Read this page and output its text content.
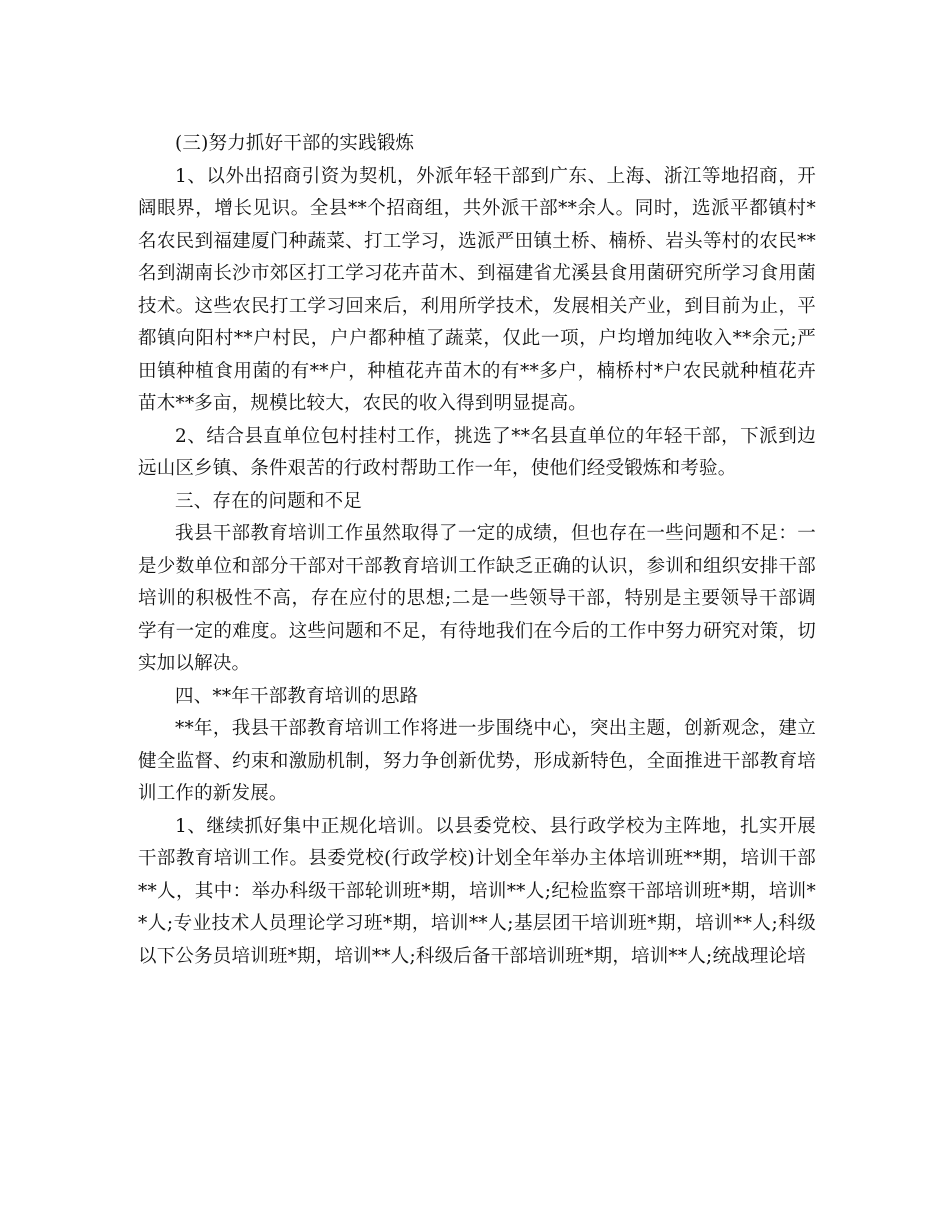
(三)努力抓好干部的实践锻炼

1、以外出招商引资为契机，外派年轻干部到广东、上海、浙江等地招商，开阔眼界，增长见识。全县**个招商组，共外派干部**余人。同时，选派平都镇村*名农民到福建厦门种蔬菜、打工学习，选派严田镇土桥、楠桥、岩头等村的农民**名到湖南长沙市郊区打工学习花卉苗木、到福建省尤溪县食用菌研究所学习食用菌技术。这些农民打工学习回来后，利用所学技术，发展相关产业，到目前为止，平都镇向阳村**户村民，户户都种植了蔬菜，仅此一项，户均增加纯收入**余元;严田镇种植食用菌的有**户，种植花卉苗木的有**多户，楠桥村*户农民就种植花卉苗木**多亩，规模比较大，农民的收入得到明显提高。

2、结合县直单位包村挂村工作，挑选了**名县直单位的年轻干部，下派到边远山区乡镇、条件艰苦的行政村帮助工作一年，使他们经受锻炼和考验。

三、存在的问题和不足

我县干部教育培训工作虽然取得了一定的成绩，但也存在一些问题和不足：一是少数单位和部分干部对干部教育培训工作缺乏正确的认识，参训和组织安排干部培训的积极性不高，存在应付的思想;二是一些领导干部，特别是主要领导干部调学有一定的难度。这些问题和不足，有待地我们在今后的工作中努力研究对策，切实加以解决。

四、**年干部教育培训的思路

**年，我县干部教育培训工作将进一步围绕中心，突出主题，创新观念，建立健全监督、约束和激励机制，努力争创新优势，形成新特色，全面推进干部教育培训工作的新发展。

1、继续抓好集中正规化培训。以县委党校、县行政学校为主阵地，扎实开展干部教育培训工作。县委党校(行政学校)计划全年举办主体培训班**期，培训干部**人，其中：举办科级干部轮训班*期，培训**人;纪检监察干部培训班*期，培训**人;专业技术人员理论学习班*期，培训**人;基层团干培训班*期，培训**人;科级以下公务员培训班*期，培训**人;科级后备干部培训班*期，培训**人;统战理论培
